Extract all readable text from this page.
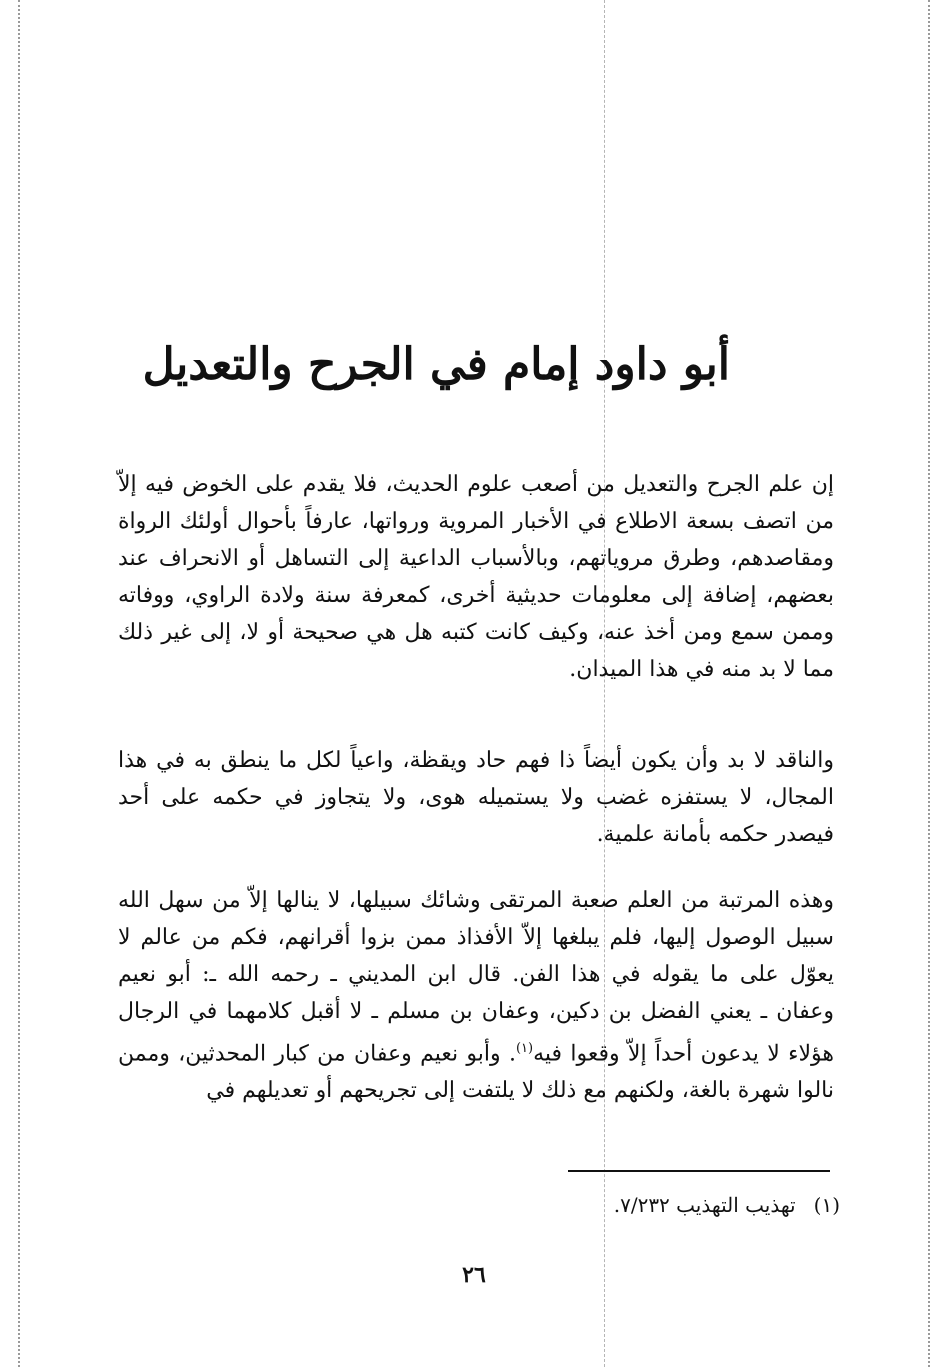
أبو داود إمام في الجرح والتعديل

إن علم الجرح والتعديل من أصعب علوم الحديث، فلا يقدم على الخوض فيه إلاّ من اتصف بسعة الاطلاع في الأخبار المروية ورواتها، عارفاً بأحوال أولئك الرواة ومقاصدهم، وطرق مروياتهم، وبالأسباب الداعية إلى التساهل أو الانحراف عند بعضهم، إضافة إلى معلومات حديثية أخرى، كمعرفة سنة ولادة الراوي، ووفاته وممن سمع ومن أخذ عنه، وكيف كانت كتبه هل هي صحيحة أو لا، إلى غير ذلك مما لا بد منه في هذا الميدان.

والناقد لا بد وأن يكون أيضاً ذا فهم حاد ويقظة، واعياً لكل ما ينطق به في هذا المجال، لا يستفزه غضب ولا يستميله هوى، ولا يتجاوز في حكمه على أحد فيصدر حكمه بأمانة علمية.

وهذه المرتبة من العلم صعبة المرتقى وشائك سبيلها، لا ينالها إلاّ من سهل الله سبيل الوصول إليها، فلم يبلغها إلاّ الأفذاذ ممن بزوا أقرانهم، فكم من عالم لا يعوّل على ما يقوله في هذا الفن. قال ابن المديني ـ رحمه الله ـ: أبو نعيم وعفان ـ يعني الفضل بن دكين، وعفان بن مسلم ـ لا أقبل كلامهما في الرجال هؤلاء لا يدعون أحداً إلاّ وقعوا فيه$^{(١)}$. وأبو نعيم وعفان من كبار المحدثين، وممن نالوا شهرة بالغة، ولكنهم مع ذلك لا يلتفت إلى تجريحهم أو تعديلهم في

(١)تهذيب التهذيب ٧/٢٣٢.
٢٦
